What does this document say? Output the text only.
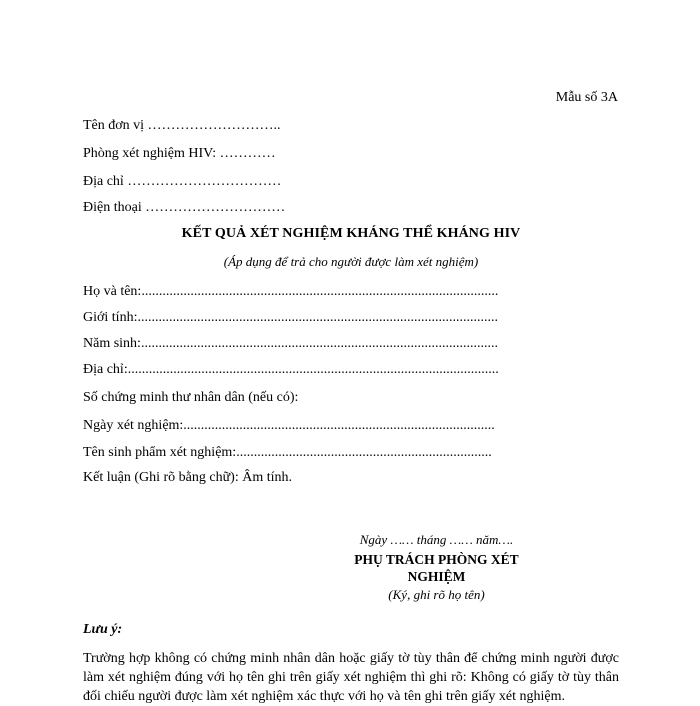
Mẫu số 3A
Tên đơn vị ………………………..
Phòng xét nghiệm HIV: …………
Địa chỉ ……………………………
Điện thoại …………………………
KẾT QUẢ XÉT NGHIỆM KHÁNG THỂ KHÁNG HIV
(Áp dụng để trả cho người được làm xét nghiệm)
Họ và tên:......................................................................................................
Giới tính:.......................................................................................................
Năm sinh:......................................................................................................
Địa chỉ:..........................................................................................................
Số chứng minh thư nhân dân (nếu có):
Ngày xét nghiệm:.........................................................................................
Tên sinh phẩm xét nghiệm:.........................................................................
Kết luận (Ghi rõ bằng chữ): Âm tính.
Ngày …… tháng …… năm….
PHỤ TRÁCH PHÒNG XÉT NGHIỆM
(Ký, ghi rõ họ tên)
Lưu ý:
Trường hợp không có chứng minh nhân dân hoặc giấy tờ tùy thân để chứng minh người được làm xét nghiệm đúng với họ tên ghi trên giấy xét nghiệm thì ghi rõ: Không có giấy tờ tùy thân đối chiếu người được làm xét nghiệm xác thực với họ và tên ghi trên giấy xét nghiệm.
